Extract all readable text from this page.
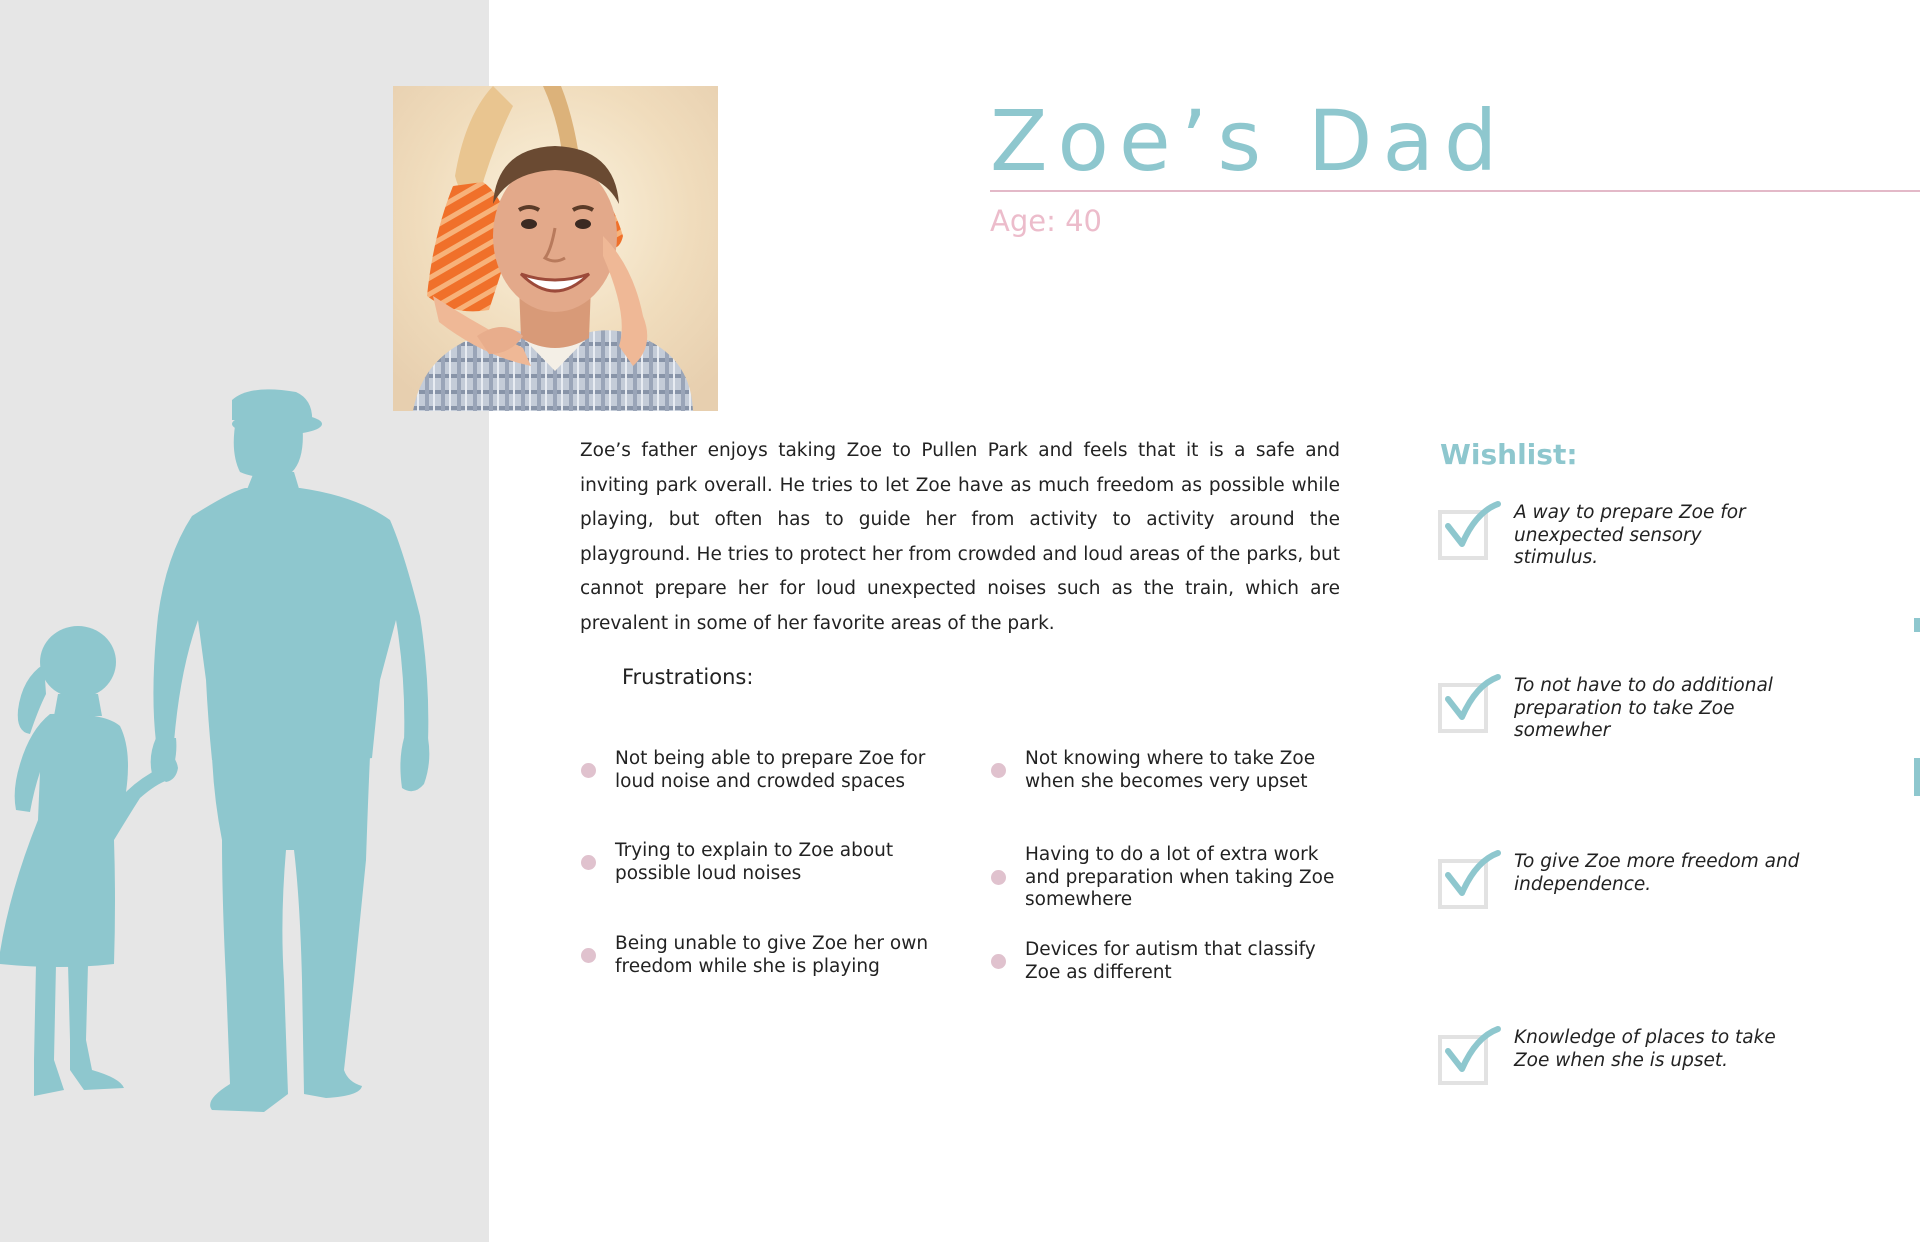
Zoe’s Dad
Age: 40

Zoe’s father enjoys taking Zoe to Pullen Park and feels that it is a safe and inviting park overall. He tries to let Zoe have as much freedom as possible while playing, but often has to guide her from activity to activity around the playground. He tries to protect her from crowded and loud areas of the parks, but cannot prepare her for loud unexpected noises such as the train, which are prevalent in some of her favorite areas of the park.

Frustrations:
Not being able to prepare Zoe for loud noise and crowded spaces
Trying to explain to Zoe about possible loud noises
Being unable to give Zoe her own freedom while she is playing
Not knowing where to take Zoe when she becomes very upset
Having to do a lot of extra work and preparation when taking Zoe somewhere
Devices for autism that classify Zoe as different
Wishlist:
A way to prepare Zoe for unexpected sensory stimulus.
To not have to do additional preparation to take Zoe somewher
To give Zoe more freedom and independence.
Knowledge of places to take Zoe when she is upset.
